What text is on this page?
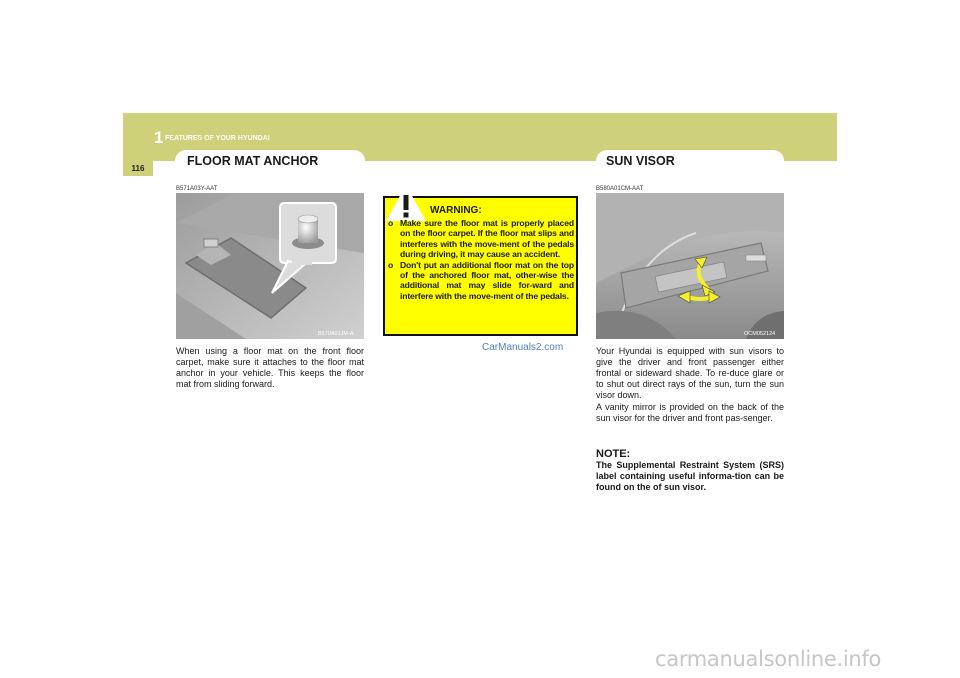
1 FEATURES OF YOUR HYUNDAI
116
FLOOR MAT ANCHOR
B571A03Y-AAT
B570A01JM-A

When using a floor mat on the front floor carpet, make sure it attaches to the floor mat anchor in your vehicle. This keeps the floor mat from sliding forward.

WARNING:
o Make sure the floor mat is properly placed on the floor carpet. If the floor mat slips and interferes with the move-ment of the pedals during driving, it may cause an accident.
o Don't put an additional floor mat on the top of the anchored floor mat, other-wise the additional mat may slide for-ward and interfere with the move-ment of the pedals.
CarManuals2.com
SUN VISOR
B580A01CM-AAT
OCM052124

Your Hyundai is equipped with sun visors to give the driver and front passenger either frontal or sideward shade. To re-duce glare or to shut out direct rays of the sun, turn the sun visor down.

A vanity mirror is provided on the back of the sun visor for the driver and front pas-senger.

NOTE:

The Supplemental Restraint System (SRS) label containing useful informa-tion can be found on the of sun visor.

carmanualsonline.info
